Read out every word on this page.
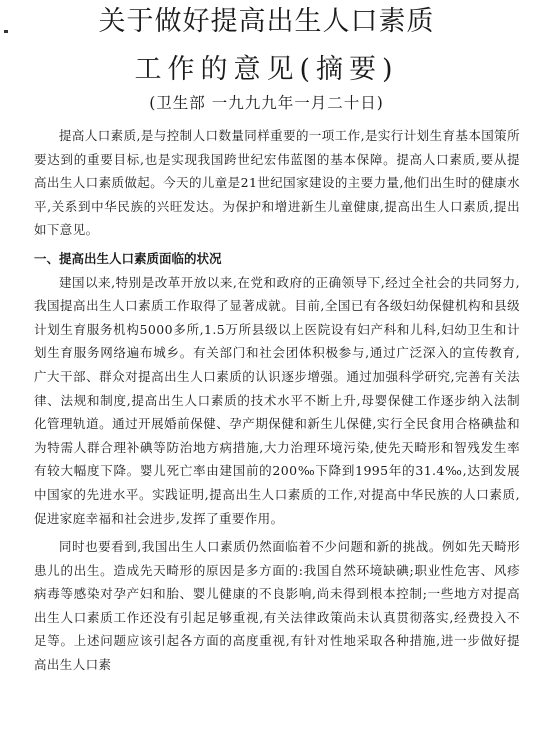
关于做好提高出生人口素质
工作的意见(摘要)
(卫生部 一九九九年一月二十日)

提高人口素质,是与控制人口数量同样重要的一项工作,是实行计划生育基本国策所要达到的重要目标,也是实现我国跨世纪宏伟蓝图的基本保障。提高人口素质,要从提高出生人口素质做起。今天的儿童是21世纪国家建设的主要力量,他们出生时的健康水平,关系到中华民族的兴旺发达。为保护和增进新生儿童健康,提高出生人口素质,提出如下意见。

一、提高出生人口素质面临的状况

建国以来,特别是改革开放以来,在党和政府的正确领导下,经过全社会的共同努力,我国提高出生人口素质工作取得了显著成就。目前,全国已有各级妇幼保健机构和县级计划生育服务机构5000多所,1.5万所县级以上医院设有妇产科和儿科,妇幼卫生和计划生育服务网络遍布城乡。有关部门和社会团体积极参与,通过广泛深入的宣传教育,广大干部、群众对提高出生人口素质的认识逐步增强。通过加强科学研究,完善有关法律、法规和制度,提高出生人口素质的技术水平不断上升,母婴保健工作逐步纳入法制化管理轨道。通过开展婚前保健、孕产期保健和新生儿保健,实行全民食用合格碘盐和为特需人群合理补碘等防治地方病措施,大力治理环境污染,使先天畸形和智残发生率有较大幅度下降。婴儿死亡率由建国前的200‰下降到1995年的31.4‰,达到发展中国家的先进水平。实践证明,提高出生人口素质的工作,对提高中华民族的人口素质,促进家庭幸福和社会进步,发挥了重要作用。

同时也要看到,我国出生人口素质仍然面临着不少问题和新的挑战。例如先天畸形患儿的出生。造成先天畸形的原因是多方面的:我国自然环境缺碘;职业性危害、风疹病毒等感染对孕产妇和胎、婴儿健康的不良影响,尚未得到根本控制;一些地方对提高出生人口素质工作还没有引起足够重视,有关法律政策尚未认真贯彻落实,经费投入不足等。上述问题应该引起各方面的高度重视,有针对性地采取各种措施,进一步做好提高出生人口素
